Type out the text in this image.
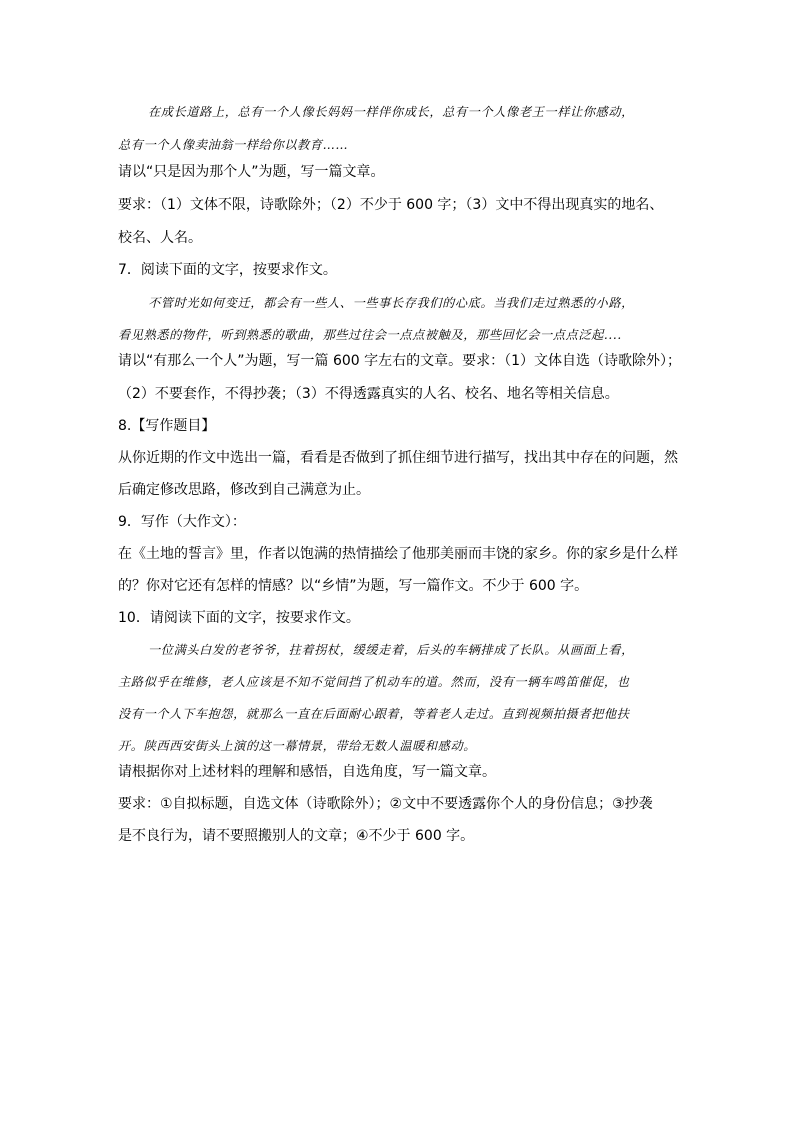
在成长道路上，总有一个人像长妈妈一样伴你成长，总有一个人像老王一样让你感动，
总有一个人像卖油翁一样给你以教育……
请以“只是因为那个人”为题，写一篇文章。
要求：（1）文体不限，诗歌除外；（2）不少于 600 字；（3）文中不得出现真实的地名、
校名、人名。
7．阅读下面的文字，按要求作文。
不管时光如何变迁，都会有一些人、一些事长存我们的心底。当我们走过熟悉的小路，
看见熟悉的物件，听到熟悉的歌曲，那些过往会一点点被触及，那些回忆会一点点泛起....
请以“有那么一个人”为题，写一篇 600 字左右的文章。要求：（1）文体自选（诗歌除外）；
（2）不要套作，不得抄袭；（3）不得透露真实的人名、校名、地名等相关信息。
8.【写作题目】
从你近期的作文中选出一篇，看看是否做到了抓住细节进行描写，找出其中存在的问题，然
后确定修改思路，修改到自己满意为止。
9．写作（大作文）：
在《土地的誓言》里，作者以饱满的热情描绘了他那美丽而丰饶的家乡。你的家乡是什么样
的？你对它还有怎样的情感？以“乡情”为题，写一篇作文。不少于 600 字。
10．请阅读下面的文字，按要求作文。
一位满头白发的老爷爷，拄着拐杖，缓缓走着，后头的车辆排成了长队。从画面上看，
主路似乎在维修，老人应该是不知不觉间挡了机动车的道。然而，没有一辆车鸣笛催促，也
没有一个人下车抱怨，就那么一直在后面耐心跟着，等着老人走过。直到视频拍摄者把他扶
开。陕西西安街头上演的这一幕情景，带给无数人温暖和感动。
请根据你对上述材料的理解和感悟，自选角度，写一篇文章。
要求：①自拟标题，自选文体（诗歌除外）；②文中不要透露你个人的身份信息；③抄袭
是不良行为，请不要照搬别人的文章；④不少于 600 字。
